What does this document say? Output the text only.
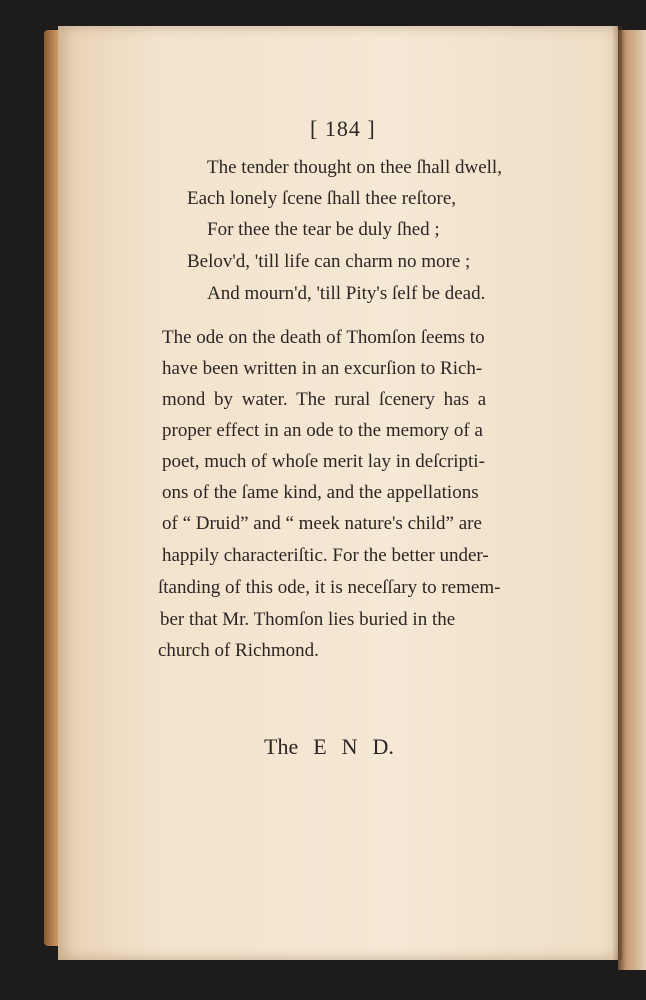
[ 184 ]
The tender thought on thee ſhall dwell,
Each lonely ſcene ſhall thee reſtore,
For thee the tear be duly ſhed ;
Belov'd, 'till life can charm no more ;
And mourn'd, 'till Pity's ſelf be dead.
The ode on the death of Thomſon ſeems to
have been written in an excurſion to Rich-
mond by water. The rural ſcenery has a
proper effect in an ode to the memory of a
poet, much of whoſe merit lay in deſcripti-
ons of the ſame kind, and the appellations
of “ Druid” and “ meek nature's child” are
happily characteriſtic. For the better under-
ſtanding of this ode, it is neceſſary to remem-
ber that Mr. Thomſon lies buried in the
church of Richmond.
The  E  N  D.
